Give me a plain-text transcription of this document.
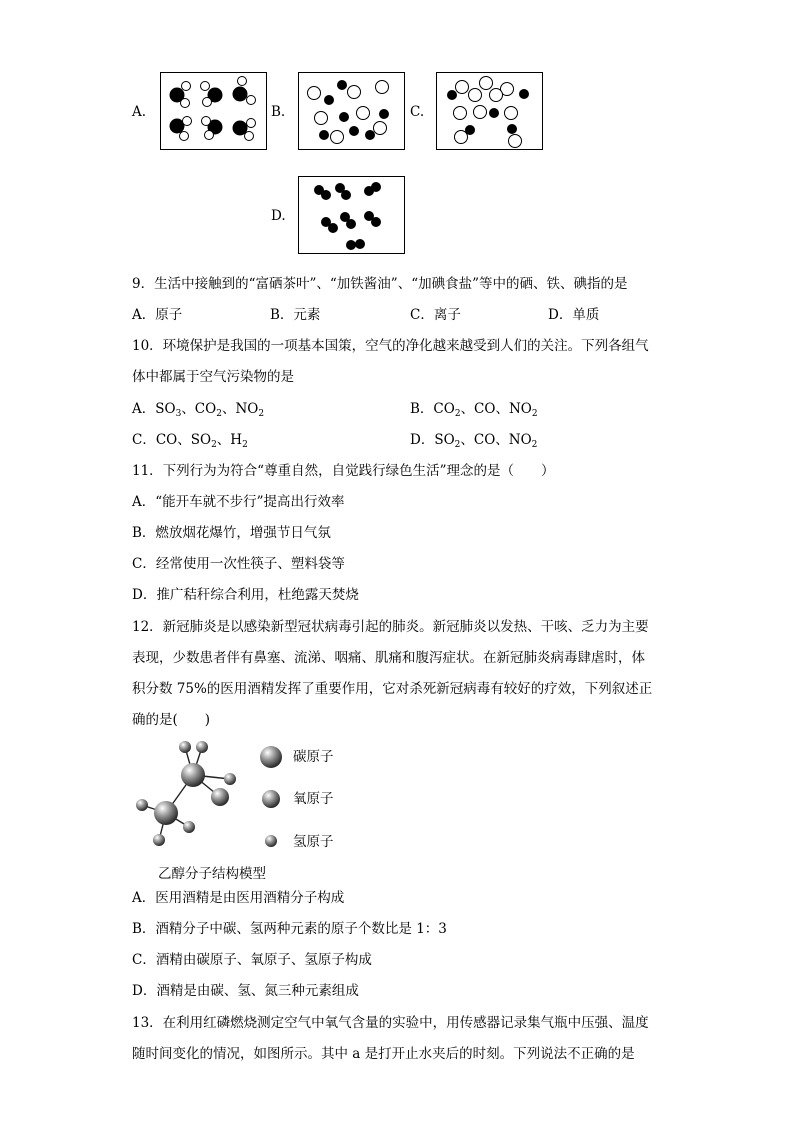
A.	B.	C.
D.
9．生活中接触到的“富硒茶叶”、“加铁酱油”、“加碘食盐”等中的硒、铁、碘指的是
A．原子	B．元素	C．离子	D．单质
10．环境保护是我国的一项基本国策，空气的净化越来越受到人们的关注。下列各组气
体中都属于空气污染物的是
A．$SO_3$、$CO_2$、$NO_2$	B．$CO_2$、CO、$NO_2$
C．CO、$SO_2$、$H_2$	D．$SO_2$、CO、$NO_2$
11．下列行为为符合“尊重自然，自觉践行绿色生活”理念的是（　　）
A．“能开车就不步行”提高出行效率
B．燃放烟花爆竹，增强节日气氛
C．经常使用一次性筷子、塑料袋等
D．推广秸秆综合利用，杜绝露天焚烧
12．新冠肺炎是以感染新型冠状病毒引起的肺炎。新冠肺炎以发热、干咳、乏力为主要
表现，少数患者伴有鼻塞、流涕、咽痛、肌痛和腹泻症状。在新冠肺炎病毒肆虐时，体
积分数 75%的医用酒精发挥了重要作用，它对杀死新冠病毒有较好的疗效，下列叙述正
确的是(　　)
碳原子
氧原子
氢原子
乙醇分子结构模型
A．医用酒精是由医用酒精分子构成
B．酒精分子中碳、氢两种元素的原子个数比是 1：3
C．酒精由碳原子、氧原子、氢原子构成
D．酒精是由碳、氢、氮三种元素组成
13．在利用红磷燃烧测定空气中氧气含量的实验中，用传感器记录集气瓶中压强、温度
随时间变化的情况，如图所示。其中 a 是打开止水夹后的时刻。下列说法不正确的是
